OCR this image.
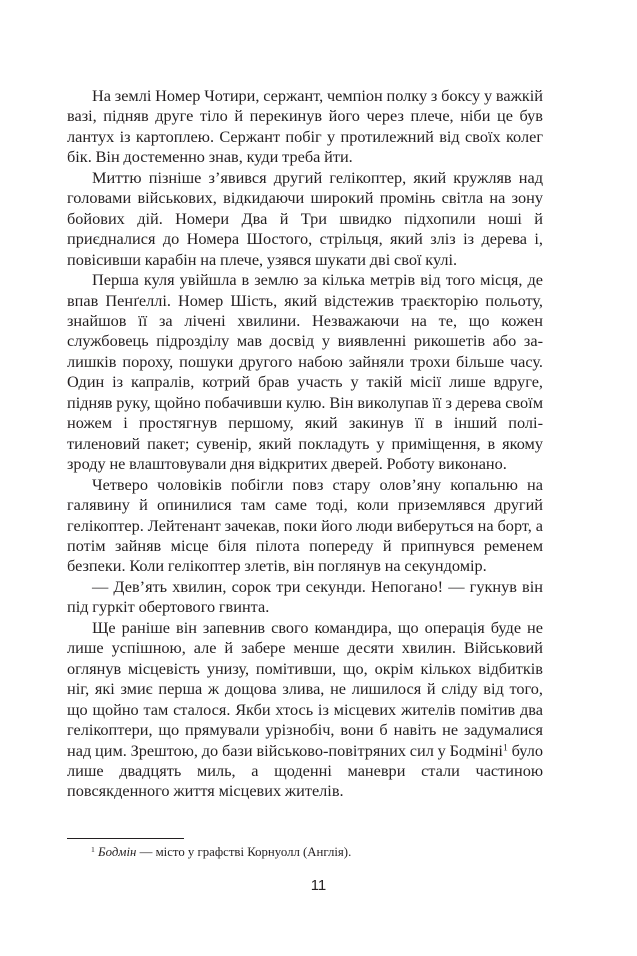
На землі Номер Чотири, сержант, чемпіон полку з боксу у важкій вазі, підняв друге тіло й перекинув його через плече, ніби це був лантух із картоплею. Сержант побіг у протилежний від своїх колег бік. Він достеменно знав, куди треба йти.

Миттю пізніше з’явився другий гелікоптер, який кружляв над головами військових, відкидаючи широкий промінь світла на зону бойових дій. Номери Два й Три швидко підхопили ноші й приєдналися до Номера Шостого, стрільця, який зліз із дерева і, повісивши карабін на плече, узявся шукати дві свої кулі.

Перша куля увійшла в землю за кілька метрів від того місця, де впав Пенґеллі. Номер Шість, який відстежив траєкторію польоту, знайшов її за лічені хвилини. Незважаючи на те, що кожен службовець підрозділу мав досвід у виявленні рикошетів або залишків пороху, пошуки другого набою зайняли трохи більше часу. Один із капралів, котрий брав участь у такій місії лише вдруге, підняв руку, щойно побачивши кулю. Він виколупав її з дерева своїм ножем і простягнув першому, який закинув її в інший політиленовий пакет; сувенір, який покладуть у приміщення, в якому зроду не влаштовували дня відкритих дверей. Роботу виконано.

Четверо чоловіків побігли повз стару олов’яну копальню на галявину й опинилися там саме тоді, коли приземлявся другий гелікоптер. Лейтенант зачекав, поки його люди виберуться на борт, а потім зайняв місце біля пілота попереду й припнувся ременем безпеки. Коли гелікоптер злетів, він поглянув на секундомір.

— Дев’ять хвилин, сорок три секунди. Непогано! — гукнув він під гуркіт обертового гвинта.

Ще раніше він запевнив свого командира, що операція буде не лише успішною, але й забере менше десяти хвилин. Військовий оглянув місцевість унизу, помітивши, що, окрім кількох відбитків ніг, які змиє перша ж дощова злива, не лишилося й сліду від того, що щойно там сталося. Якби хтось із місцевих жителів помітив два гелікоптери, що прямували урізнобіч, вони б навіть не задумалися над цим. Зрештою, до бази військово-повітряних сил у Бодміні$^1$ було лише двадцять миль, а щоденні маневри стали частиною повсякденного життя місцевих жителів.

$^1$ Бодмін — місто у графстві Корнуолл (Англія).

11
